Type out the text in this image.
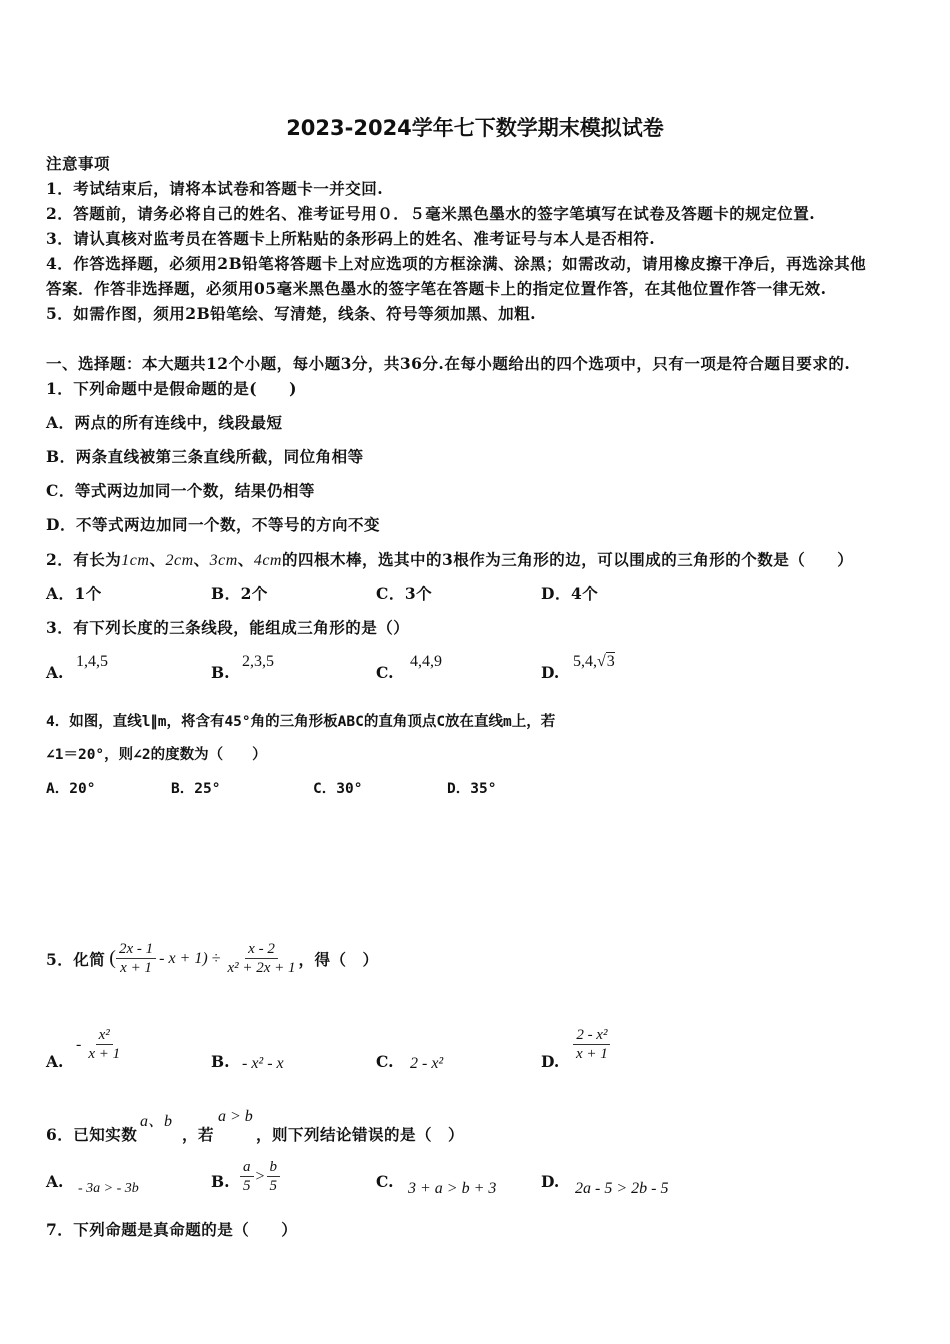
2023-2024学年七下数学期末模拟试卷
注意事项
1．考试结束后，请将本试卷和答题卡一并交回.
2．答题前，请务必将自己的姓名、准考证号用０．５毫米黑色墨水的签字笔填写在试卷及答题卡的规定位置.
3．请认真核对监考员在答题卡上所粘贴的条形码上的姓名、准考证号与本人是否相符.
4．作答选择题，必须用2B铅笔将答题卡上对应选项的方框涂满、涂黑；如需改动，请用橡皮擦干净后，再选涂其他
答案．作答非选择题，必须用05毫米黑色墨水的签字笔在答题卡上的指定位置作答，在其他位置作答一律无效.
5．如需作图，须用2B铅笔绘、写清楚，线条、符号等须加黑、加粗.
一、选择题：本大题共12个小题，每小题3分，共36分.在每小题给出的四个选项中，只有一项是符合题目要求的.
1．下列命题中是假命题的是(　　)
A．两点的所有连线中，线段最短
B．两条直线被第三条直线所截，同位角相等
C．等式两边加同一个数，结果仍相等
D．不等式两边加同一个数，不等号的方向不变
2．有长为1cm、2cm、3cm、4cm的四根木棒，选其中的3根作为三角形的边，可以围成的三角形的个数是（　　）
A．1个	B．2个	C．3个	D．4个
3．有下列长度的三条线段，能组成三角形的是（）
A.
1,4,5
B.
2,3,5
C.
4,4,9
D.
5,4,√3
4．如图，直线l∥m，将含有45°角的三角形板ABC的直角顶点C放在直线m上，若
∠1＝20°，则∠2的度数为（　　）
A．20°	B．25°	C．30°	D．35°
5．化简 ( $\frac{2x - 1}{x + 1} - x + 1) \div \frac{x - 2}{\text{x² + 2x + 1}}$ ，得（　）
A.
- $\frac{\text{x²}}{x + 1}$	B. - x² - x	C. 2 - x²	D. $\frac{\text{2 - x²}}{x + 1}$
6．已知实数
a、b
，若
a > b
，则下列结论错误的是（　）
A. - 3a > - 3b	B. $\frac{a}{5} > \frac{b}{5}$	C. 3 + a > b + 3	D. 2a - 5 > 2b - 5
7．下列命题是真命题的是（　　）
